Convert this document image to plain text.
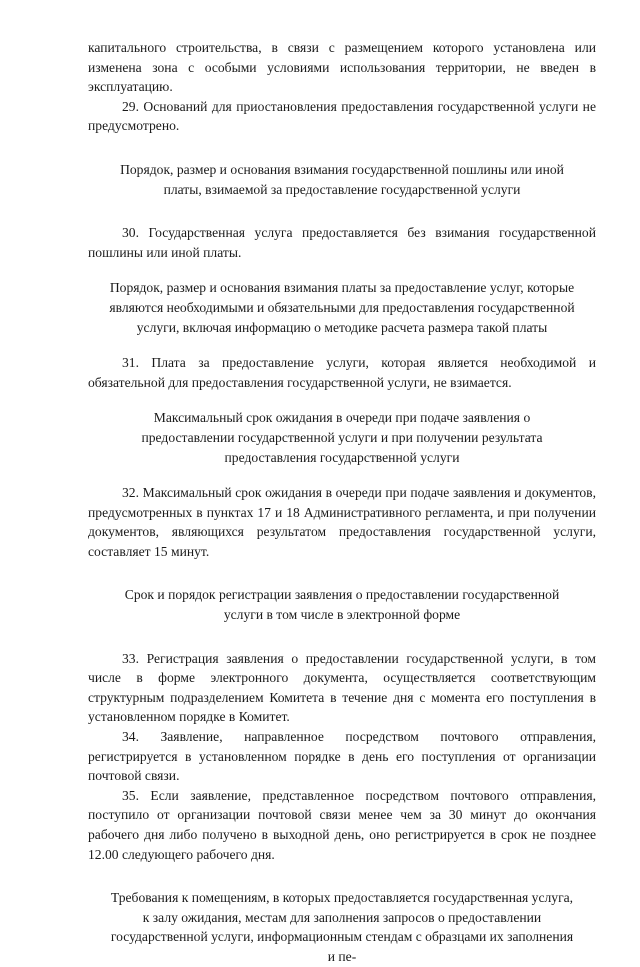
капитального строительства, в связи с размещением которого установлена или изменена зона с особыми условиями использования территории, не введен в эксплуатацию.

29. Оснований для приостановления предоставления государственной услуги не предусмотрено.

Порядок, размер и основания взимания государственной пошлины или иной платы, взимаемой за предоставление государственной услуги

30. Государственная услуга предоставляется без взимания государственной пошлины или иной платы.

Порядок, размер и основания взимания платы за предоставление услуг, которые являются необходимыми и обязательными для предоставления государственной услуги, включая информацию о методике расчета размера такой платы

31. Плата за предоставление услуги, которая является необходимой и обязательной для предоставления государственной услуги, не взимается.

Максимальный срок ожидания в очереди при подаче заявления о предоставлении государственной услуги и при получении результата предоставления государственной услуги

32. Максимальный срок ожидания в очереди при подаче заявления и документов, предусмотренных в пунктах 17 и 18 Административного регламента, и при получении документов, являющихся результатом предоставления государственной услуги, составляет 15 минут.

Срок и порядок регистрации заявления о предоставлении государственной услуги в том числе в электронной форме

33. Регистрация заявления о предоставлении государственной услуги, в том числе в форме электронного документа, осуществляется соответствующим структурным подразделением Комитета в течение дня с момента его поступления в установленном порядке в Комитет.

34. Заявление, направленное посредством почтового отправления, регистрируется в установленном порядке в день его поступления от организации почтовой связи.

35. Если заявление, представленное посредством почтового отправления, поступило от организации почтовой связи менее чем за 30 минут до окончания рабочего дня либо получено в выходной день, оно регистрируется в срок не позднее 12.00 следующего рабочего дня.

Требования к помещениям, в которых предоставляется государственная услуга, к залу ожидания, местам для заполнения запросов о предоставлении государственной услуги, информационным стендам с образцами их заполнения и пе-
